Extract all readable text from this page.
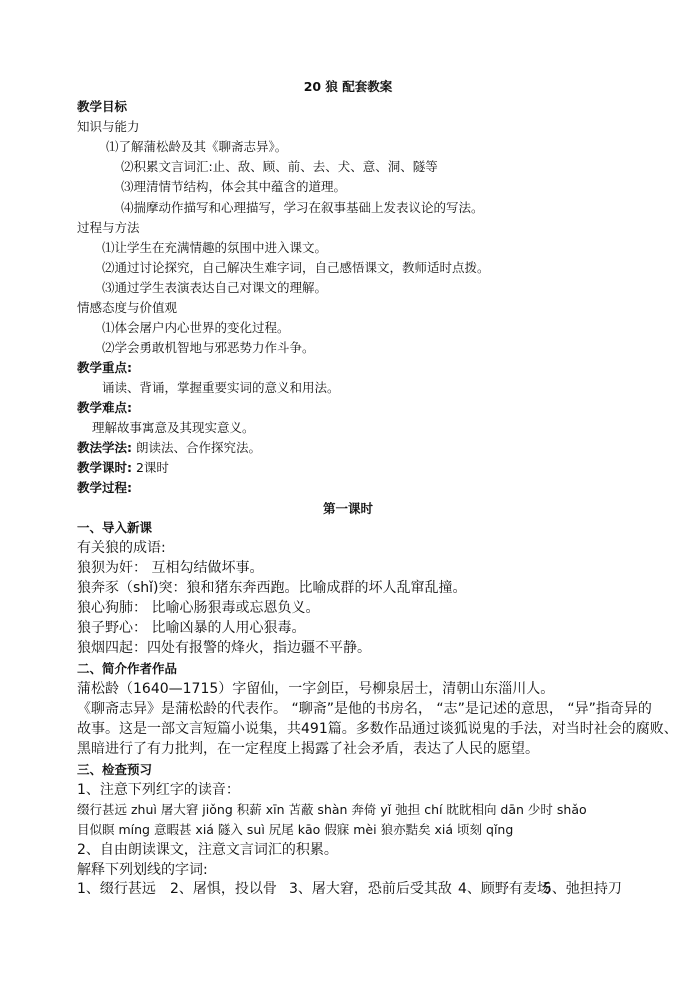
20 狼 配套教案
教学目标
知识与能力
⑴了解蒲松龄及其《聊斋志异》。
⑵积累文言词汇:止、敌、顾、前、去、犬、意、洞、隧等
⑶理清情节结构，体会其中蕴含的道理。
⑷揣摩动作描写和心理描写，学习在叙事基础上发表议论的写法。
过程与方法
⑴让学生在充满情趣的氛围中进入课文。
⑵通过讨论探究，自己解决生难字词，自己感悟课文，教师适时点拨。
⑶通过学生表演表达自己对课文的理解。
情感态度与价值观
⑴体会屠户内心世界的变化过程。
⑵学会勇敢机智地与邪恶势力作斗争。
教学重点:
诵读、背诵，掌握重要实词的意义和用法。
教学难点:
理解故事寓意及其现实意义。
教法学法: 朗读法、合作探究法。
教学课时: 2课时
教学过程:
第一课时
一、导入新课
有关狼的成语:
狼狈为奸： 互相勾结做坏事。
狼奔豕（shǐ)突：狼和猪东奔西跑。比喻成群的坏人乱窜乱撞。
狼心狗肺： 比喻心肠狠毒或忘恩负义。
狼子野心： 比喻凶暴的人用心狠毒。
狼烟四起：四处有报警的烽火，指边疆不平静。
二、简介作者作品
蒲松龄（1640—1715）字留仙，一字剑臣，号柳泉居士，清朝山东淄川人。
《聊斋志异》是蒲松龄的代表作。 “聊斋”是他的书房名， “志”是记述的意思， “异”指奇异的
故事。这是一部文言短篇小说集，共491篇。多数作品通过谈狐说鬼的手法，对当时社会的腐败、
黑暗进行了有力批判，在一定程度上揭露了社会矛盾，表达了人民的愿望。
三、检查预习
1、注意下列红字的读音：
缀行甚远 zhuì 屠大窘 jiǒng 积薪 xīn 苫蔽 shàn 奔倚 yǐ 弛担 chí 眈眈相向 dān 少时 shǎo
目似瞑 míng 意暇甚 xiá 隧入 suì 尻尾 kāo 假寐 mèi 狼亦黠矣 xiá 顷刻 qǐng
2、自由朗读课文，注意文言词汇的积累。
解释下列划线的字词:
1、缀行甚远 2、屠惧，投以骨 3、屠大窘，恐前后受其敌 4、顾野有麦场
5、弛担持刀
